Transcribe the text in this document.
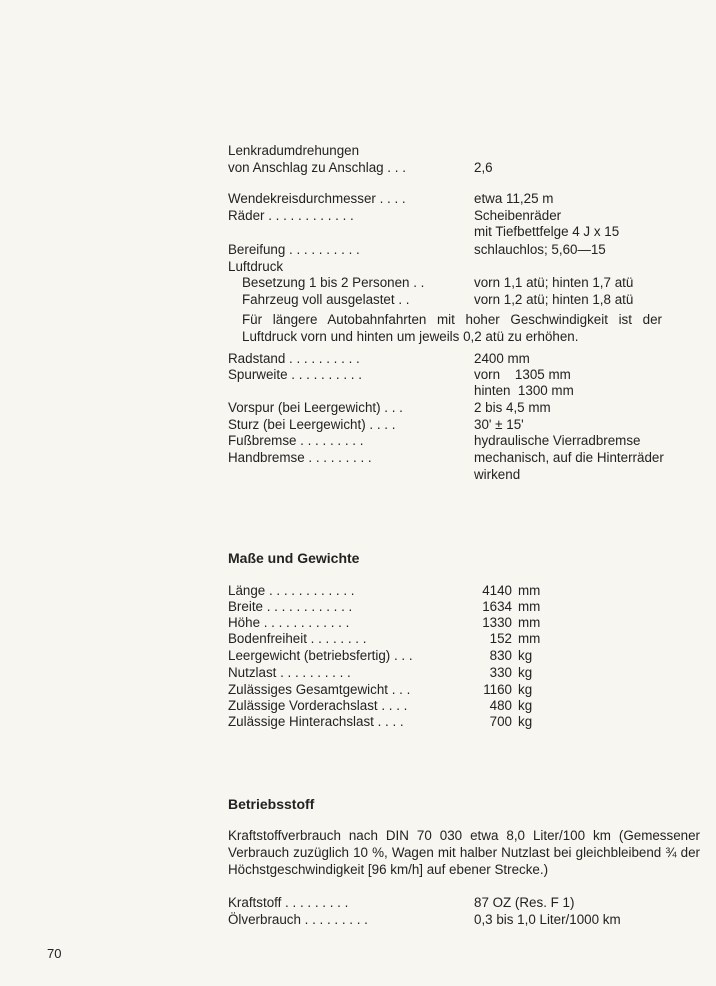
Lenkradumdrehungen
von Anschlag zu Anschlag . . .	2,6
Wendekreisdurchmesser . . . .	etwa 11,25 m
Räder . . . . . . . . . . . .	Scheibenräder
mit Tiefbettfelge 4 J x 15
Bereifung . . . . . . . . . .	schlauchlos; 5,60—15
Luftdruck
Besetzung 1 bis 2 Personen . .	vorn 1,1 atü; hinten 1,7 atü
Fahrzeug voll ausgelastet . .	vorn 1,2 atü; hinten 1,8 atü
Für längere Autobahnfahrten mit hoher Geschwindigkeit ist der Luftdruck vorn und hinten um jeweils 0,2 atü zu erhöhen.
Radstand . . . . . . . . . .	2400 mm
Spurweite . . . . . . . . . .	vorn    1305 mm
hinten  1300 mm
Vorspur (bei Leergewicht) . . .	2 bis 4,5 mm
Sturz (bei Leergewicht) . . . .	30' ± 15'
Fußbremse . . . . . . . . .	hydraulische Vierradbremse
Handbremse . . . . . . . . .	mechanisch, auf die Hinterräder
wirkend
Maße und Gewichte
Länge . . . . . . . . . . . .	4140 mm
Breite . . . . . . . . . . . .	1634 mm
Höhe . . . . . . . . . . . .	1330 mm
Bodenfreiheit . . . . . . . .	152 mm
Leergewicht (betriebsfertig) . . .	830 kg
Nutzlast . . . . . . . . . .	330 kg
Zulässiges Gesamtgewicht . . .	1160 kg
Zulässige Vorderachslast . . . .	480 kg
Zulässige Hinterachslast . . . .	700 kg
Betriebsstoff
Kraftstoffverbrauch nach DIN 70 030 etwa 8,0 Liter/100 km (Gemessener Verbrauch zuzüglich 10 %, Wagen mit halber Nutzlast bei gleichbleibend ¾ der Höchstgeschwindigkeit [96 km/h] auf ebener Strecke.)
Kraftstoff . . . . . . . . .	87 OZ (Res. F 1)
Ölverbrauch . . . . . . . . .	0,3 bis 1,0 Liter/1000 km
70
